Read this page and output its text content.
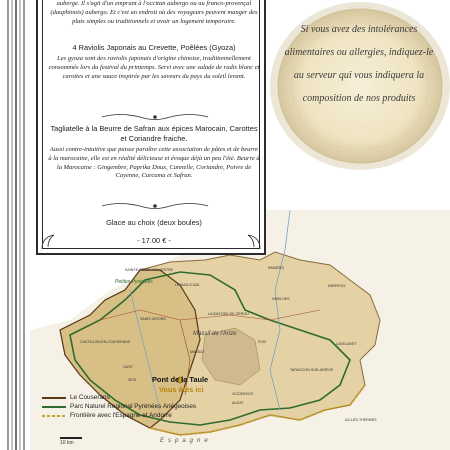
SAINTE-CROIX-VOLVESTRE
LE MAS-D'AZIL
PAMIERS
SAINT-GIRONS
LA BASTIDE-DE-SÉROU
VARILHES
FOIX
MASSAT
TARASCON-SUR-ARIÈGE
LAVELANET
AX-LES-THERMES
CASTILLON-EN-COUSERANS
MIREPOIX
OUST
SEIX
VICDESSOS
AUZAT
Massif de l'Arize
Petites Pyrénées
Pont de la Taule
Vous êtes ici
Espagne
Le Couserans
Parc Naturel Regional Pyrénées Ariégeoises
Frontière avec l'Espagne et Andorre
10 km
Si vous avez des intolérances alimentaires ou allergies, indiquez-le au serveur qui vous indiquera la composition de nos produits
auberge. Il s'agit d'un emprunt à l'occitan aubergo ou au franco-provençal (dauphinois) aubergo. Et c'est un endroit où des voyageurs peuvent manger des plats simples ou traditionnels et avoir un logement temporaire.
4 Raviolis Japonais au Crevette, Poêlées (Gyoza)
Les gyoza sont des raviolis japonais d'origine chinoise, traditionnellement consommés lors du festival du printemps. Servi avec une salade de radis blanc et carottes et une sauce inspirée par les saveurs du pays du soleil levant.
Tagliatelle à la Beurre de Safran aux épices Marocain, Carottes et Coriandre fraiche.
Aussi contre-intuitive que puisse paraître cette association de pâtes et de beurre à la marocaine, elle est en réalité délicieuse et évoque déjà un peu l'été. Beurre à la Marocaine : Gingembre, Paprika Doux, Cannelle, Coriandre, Poivre de Cayenne, Curcuma et Safran.
Glace au choix (deux boules)
- 17.00 € -
